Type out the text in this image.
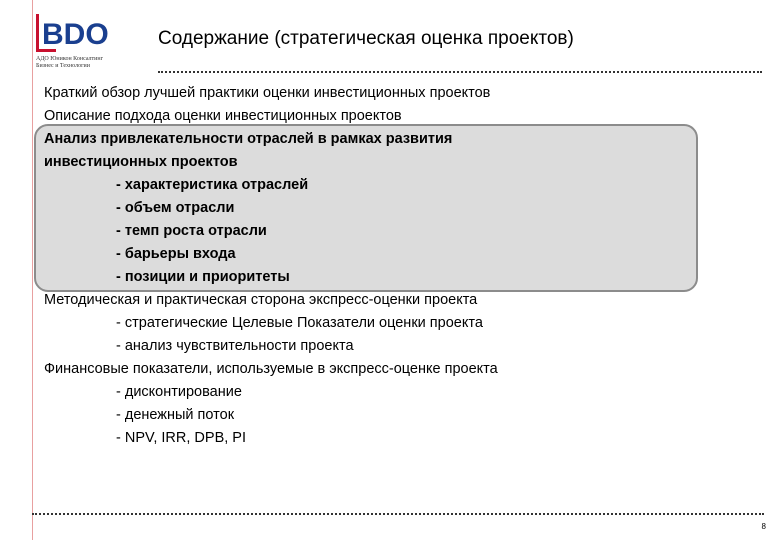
BDO
АДО Юникон Консалтинг
Бизнес и Технологии
Содержание (стратегическая оценка проектов)
Краткий обзор лучшей практики оценки инвестиционных проектов
Описание подхода оценки инвестиционных проектов
Анализ привлекательности отраслей в рамках развития
инвестиционных проектов
- характеристика отраслей
- объем отрасли
- темп роста отрасли
- барьеры входа
- позиции и приоритеты
Методическая и практическая сторона экспресс-оценки проекта
- стратегические Целевые Показатели оценки проекта
- анализ чувствительности проекта
Финансовые показатели, используемые в экспресс-оценке проекта
- дисконтирование
- денежный поток
- NPV, IRR, DPB, PI
8
